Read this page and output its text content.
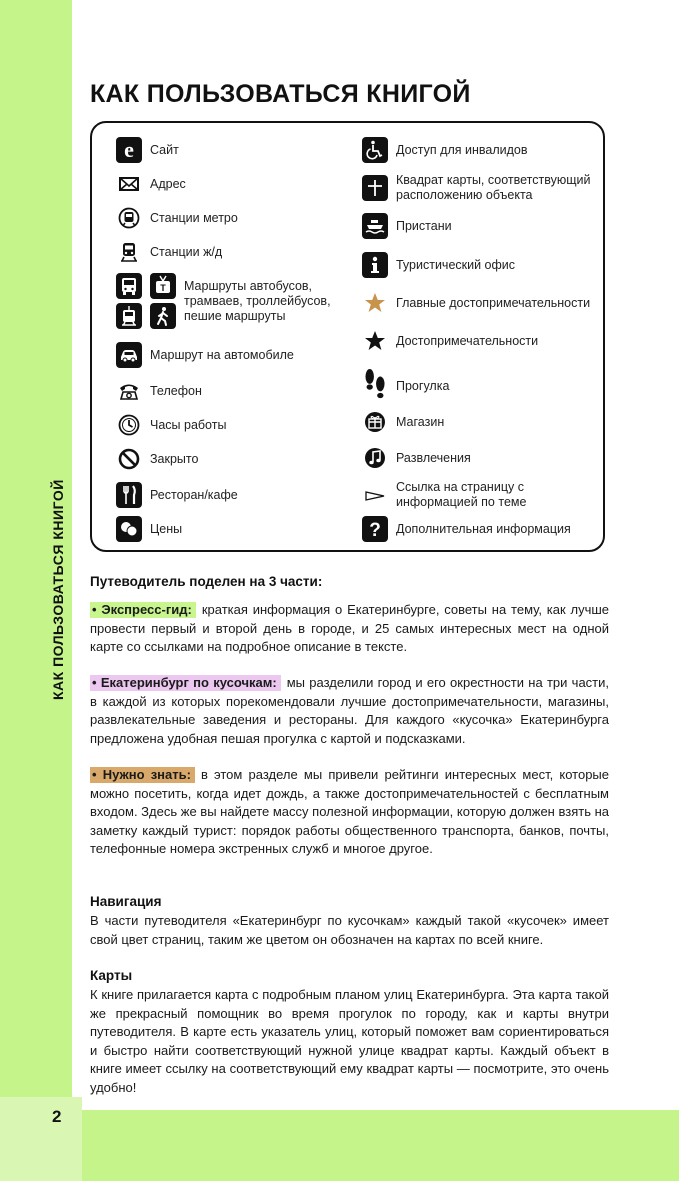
КАК ПОЛЬЗОВАТЬСЯ КНИГОЙ
2
КАК ПОЛЬЗОВАТЬСЯ КНИГОЙ
e Сайт
Адрес
Станции метро
Станции ж/д
T Маршруты автобусов, трамваев, троллейбусов, пешие маршруты
Маршрут на автомобиле
Телефон
Часы работы
Закрыто
Ресторан/кафе
Цены
Доступ для инвалидов
Квадрат карты, соответствующий расположению объекта
Пристани
Туристический офис
Главные достопримечательности
Достопримечательности
Прогулка
Магазин
Развлечения
Ссылка на страницу с информацией по теме
? Дополнительная информация

Путеводитель поделен на 3 части:

• Экспресс-гид: краткая информация о Екатеринбурге, советы на тему, как лучше провести первый и второй день в городе, и 25 самых интересных мест на одной карте со ссылками на подробное описание в тексте.

• Екатеринбург по кусочкам: мы разделили город и его окрестности на три части, в каждой из которых порекомендовали лучшие достопримечательности, магазины, развлекательные заведения и рестораны. Для каждого «кусочка» Екатеринбурга предложена удобная пешая прогулка с картой и подсказками.

• Нужно знать: в этом разделе мы привели рейтинги интересных мест, которые можно посетить, когда идет дождь, а также достопримечательностей с бесплатным входом. Здесь же вы найдете массу полезной информации, которую должен взять на заметку каждый турист: порядок работы общественного транспорта, банков, почты, телефонные номера экстренных служб и многое другое.

Навигация

В части путеводителя «Екатеринбург по кусочкам» каждый такой «кусочек» имеет свой цвет страниц, таким же цветом он обозначен на картах по всей книге.

Карты

К книге прилагается карта с подробным планом улиц Екатеринбурга. Эта карта такой же прекрасный помощник во время прогулок по городу, как и карты внутри путеводителя. В карте есть указатель улиц, который поможет вам сориентироваться и быстро найти соответствующий нужной улице квадрат карты. Каждый объект в книге имеет ссылку на соответствующий ему квадрат карты — посмотрите, это очень удобно!
